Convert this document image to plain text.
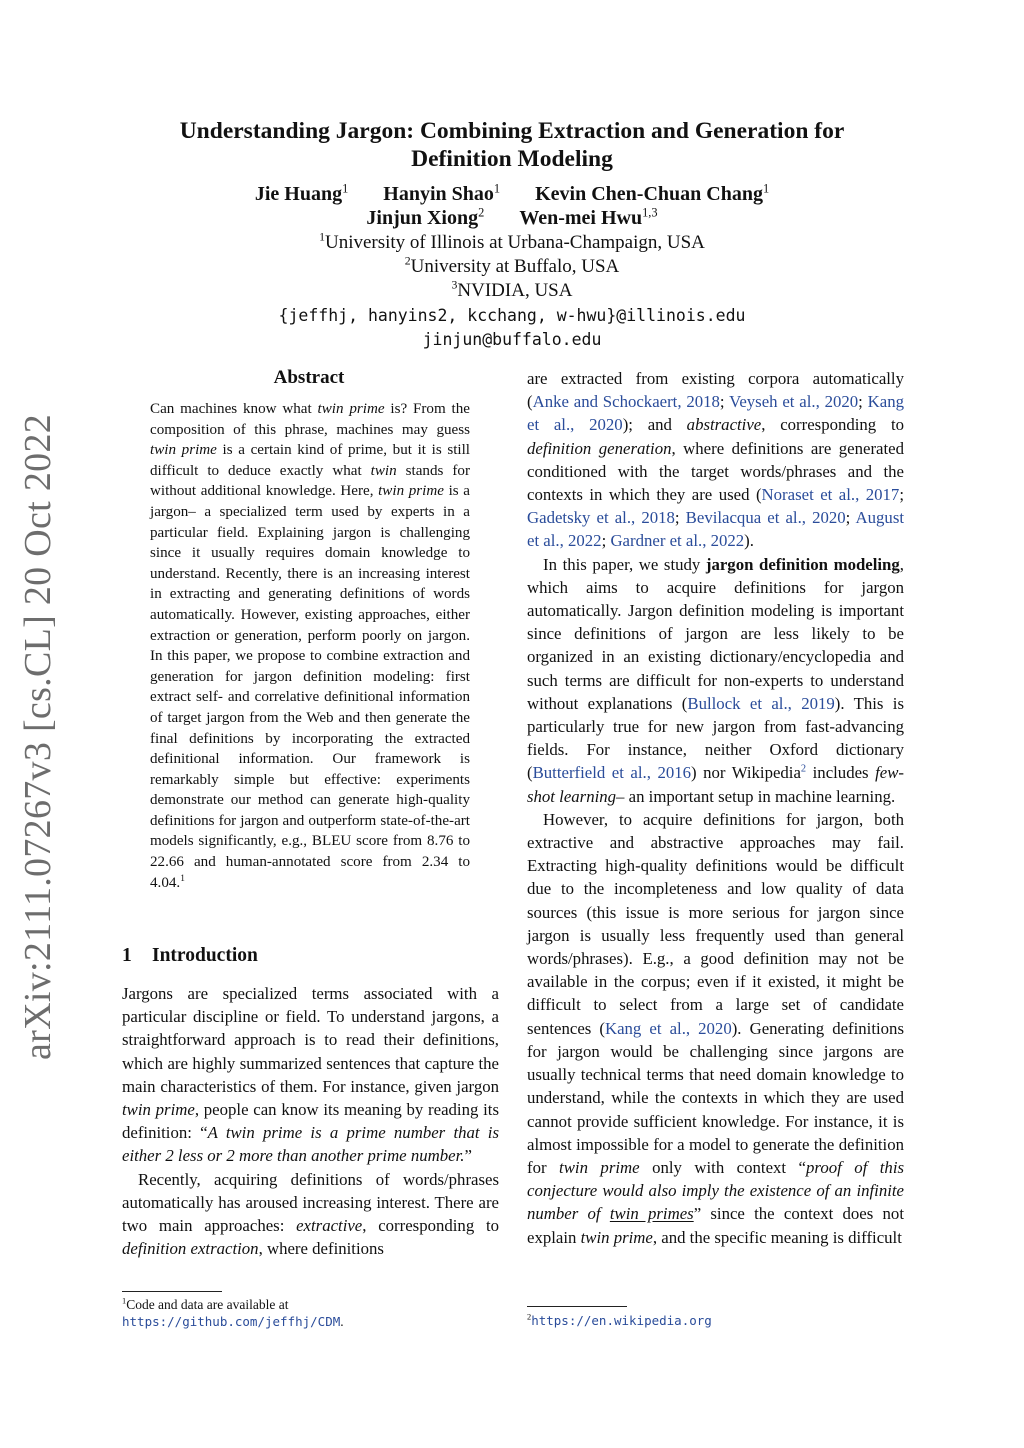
arXiv:2111.07267v3 [cs.CL] 20 Oct 2022
Understanding Jargon: Combining Extraction and Generation for
Definition Modeling
Jie Huang$^1$ Hanyin Shao$^1$ Kevin Chen-Chuan Chang$^1$
Jinjun Xiong$^2$ Wen-mei Hwu$^{1,3}$
$^1$University of Illinois at Urbana-Champaign, USA
$^2$University at Buffalo, USA
$^3$NVIDIA, USA
{jeffhj, hanyins2, kcchang, w-hwu}@illinois.edu
jinjun@buffalo.edu
Abstract
Can machines know what twin prime is? From the composition of this phrase, machines may guess twin prime is a certain kind of prime, but it is still difficult to deduce exactly what twin stands for without additional knowledge. Here, twin prime is a jargon– a specialized term used by experts in a particular field. Explaining jargon is challenging since it usually requires domain knowledge to understand. Recently, there is an increasing interest in extracting and generating definitions of words automatically. However, existing approaches, either extraction or generation, perform poorly on jargon. In this paper, we propose to combine extraction and generation for jargon definition modeling: first extract self- and correlative definitional information of target jargon from the Web and then generate the final definitions by incorporating the extracted definitional information. Our framework is remarkably simple but effective: experiments demonstrate our method can generate high-quality definitions for jargon and outperform state-of-the-art models significantly, e.g., BLEU score from 8.76 to 22.66 and human-annotated score from 2.34 to 4.04.$^1$
1 Introduction

Jargons are specialized terms associated with a particular discipline or field. To understand jargons, a straightforward approach is to read their definitions, which are highly summarized sentences that capture the main characteristics of them. For instance, given jargon twin prime, people can know its meaning by reading its definition: “A twin prime is a prime number that is either 2 less or 2 more than another prime number.”

Recently, acquiring definitions of words/phrases automatically has aroused increasing interest. There are two main approaches: extractive, corresponding to definition extraction, where definitions

$^1$Code and data are available at https://github.com/jeffhj/CDM.

are extracted from existing corpora automatically (Anke and Schockaert, 2018; Veyseh et al., 2020; Kang et al., 2020); and abstractive, corresponding to definition generation, where definitions are generated conditioned with the target words/phrases and the contexts in which they are used (Noraset et al., 2017; Gadetsky et al., 2018; Bevilacqua et al., 2020; August et al., 2022; Gardner et al., 2022).

In this paper, we study jargon definition modeling, which aims to acquire definitions for jargon automatically. Jargon definition modeling is important since definitions of jargon are less likely to be organized in an existing dictionary/encyclopedia and such terms are difficult for non-experts to understand without explanations (Bullock et al., 2019). This is particularly true for new jargon from fast-advancing fields. For instance, neither Oxford dictionary (Butterfield et al., 2016) nor Wikipedia$^2$ includes few-shot learning– an important setup in machine learning.

However, to acquire definitions for jargon, both extractive and abstractive approaches may fail. Extracting high-quality definitions would be difficult due to the incompleteness and low quality of data sources (this issue is more serious for jargon since jargon is usually less frequently used than general words/phrases). E.g., a good definition may not be available in the corpus; even if it existed, it might be difficult to select from a large set of candidate sentences (Kang et al., 2020). Generating definitions for jargon would be challenging since jargons are usually technical terms that need domain knowledge to understand, while the contexts in which they are used cannot provide sufficient knowledge. For instance, it is almost impossible for a model to generate the definition for twin prime only with context “proof of this conjecture would also imply the existence of an infinite number of twin primes” since the context does not explain twin prime, and the specific meaning is difficult

$^2$https://en.wikipedia.org
